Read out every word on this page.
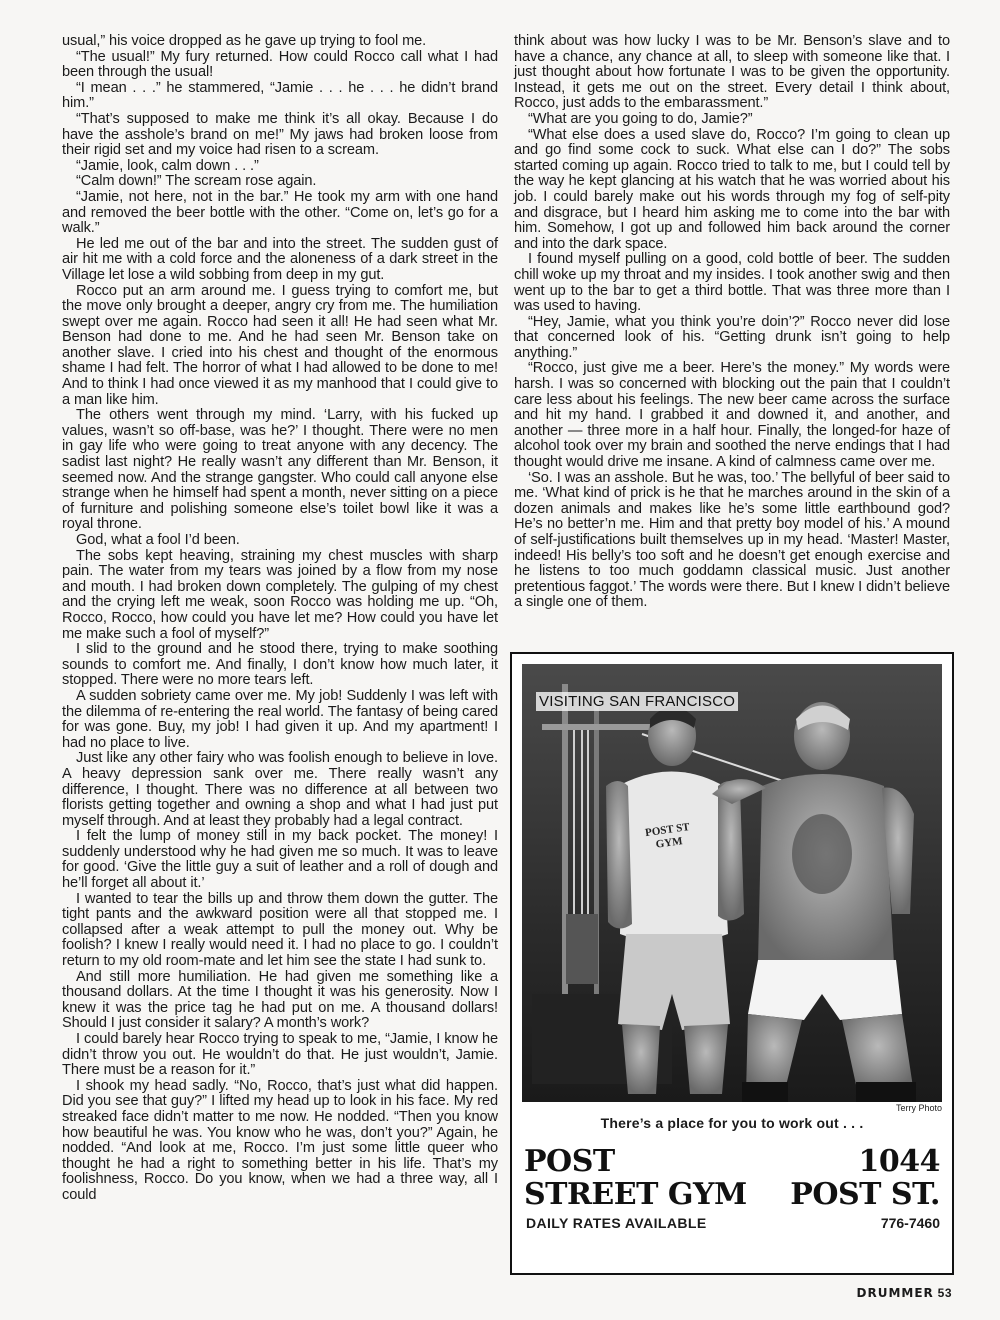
usual,” his voice dropped as he gave up trying to fool me.

“The usual!” My fury returned. How could Rocco call what I had been through the usual!

“I mean . . .” he stammered, “Jamie . . . he . . . he didn’t brand him.”

“That’s supposed to make me think it’s all okay. Because I do have the asshole’s brand on me!” My jaws had broken loose from their rigid set and my voice had risen to a scream.

“Jamie, look, calm down . . .”

“Calm down!” The scream rose again.

“Jamie, not here, not in the bar.” He took my arm with one hand and removed the beer bottle with the other. “Come on, let’s go for a walk.”

He led me out of the bar and into the street. The sudden gust of air hit me with a cold force and the aloneness of a dark street in the Village let lose a wild sobbing from deep in my gut.

Rocco put an arm around me. I guess trying to comfort me, but the move only brought a deeper, angry cry from me. The humiliation swept over me again. Rocco had seen it all! He had seen what Mr. Benson had done to me. And he had seen Mr. Benson take on another slave. I cried into his chest and thought of the enormous shame I had felt. The horror of what I had allowed to be done to me! And to think I had once viewed it as my manhood that I could give to a man like him.

The others went through my mind. ‘Larry, with his fucked up values, wasn’t so off-base, was he?’ I thought. There were no men in gay life who were going to treat anyone with any decency. The sadist last night? He really wasn’t any different than Mr. Benson, it seemed now. And the strange gangster. Who could call anyone else strange when he himself had spent a month, never sitting on a piece of furniture and polishing someone else’s toilet bowl like it was a royal throne.

God, what a fool I’d been.

The sobs kept heaving, straining my chest muscles with sharp pain. The water from my tears was joined by a flow from my nose and mouth. I had broken down completely. The gulping of my chest and the crying left me weak, soon Rocco was holding me up. “Oh, Rocco, Rocco, how could you have let me? How could you have let me make such a fool of myself?”

I slid to the ground and he stood there, trying to make soothing sounds to comfort me. And finally, I don’t know how much later, it stopped. There were no more tears left.

A sudden sobriety came over me. My job! Suddenly I was left with the dilemma of re-entering the real world. The fantasy of being cared for was gone. Buy, my job! I had given it up. And my apartment! I had no place to live.

Just like any other fairy who was foolish enough to believe in love. A heavy depression sank over me. There really wasn’t any difference, I thought. There was no difference at all between two florists getting together and owning a shop and what I had just put myself through. And at least they probably had a legal contract.

I felt the lump of money still in my back pocket. The money! I suddenly understood why he had given me so much. It was to leave for good. ‘Give the little guy a suit of leather and a roll of dough and he’ll forget all about it.’

I wanted to tear the bills up and throw them down the gutter. The tight pants and the awkward position were all that stopped me. I collapsed after a weak attempt to pull the money out. Why be foolish? I knew I really would need it. I had no place to go. I couldn’t return to my old room-mate and let him see the state I had sunk to.

And still more humiliation. He had given me something like a thousand dollars. At the time I thought it was his generosity. Now I knew it was the price tag he had put on me. A thousand dollars! Should I just consider it salary? A month’s work?

I could barely hear Rocco trying to speak to me, “Jamie, I know he didn’t throw you out. He wouldn’t do that. He just wouldn’t, Jamie. There must be a reason for it.”

I shook my head sadly. “No, Rocco, that’s just what did happen. Did you see that guy?” I lifted my head up to look in his face. My red streaked face didn’t matter to me now. He nodded. “Then you know how beautiful he was. You know who he was, don’t you?” Again, he nodded. “And look at me, Rocco. I’m just some little queer who thought he had a right to something better in his life. That’s my foolishness, Rocco. Do you know, when we had a three way, all I could

think about was how lucky I was to be Mr. Benson’s slave and to have a chance, any chance at all, to sleep with someone like that. I just thought about how fortunate I was to be given the opportunity. Instead, it gets me out on the street. Every detail I think about, Rocco, just adds to the embarassment.”

“What are you going to do, Jamie?”

“What else does a used slave do, Rocco? I’m going to clean up and go find some cock to suck. What else can I do?” The sobs started coming up again. Rocco tried to talk to me, but I could tell by the way he kept glancing at his watch that he was worried about his job. I could barely make out his words through my fog of self-pity and disgrace, but I heard him asking me to come into the bar with him. Somehow, I got up and followed him back around the corner and into the dark space.

I found myself pulling on a good, cold bottle of beer. The sudden chill woke up my throat and my insides. I took another swig and then went up to the bar to get a third bottle. That was three more than I was used to having.

“Hey, Jamie, what you think you’re doin’?” Rocco never did lose that concerned look of his. “Getting drunk isn’t going to help anything.”

“Rocco, just give me a beer. Here’s the money.” My words were harsh. I was so concerned with blocking out the pain that I couldn’t care less about his feelings. The new beer came across the surface and hit my hand. I grabbed it and downed it, and another, and another — three more in a half hour. Finally, the longed-for haze of alcohol took over my brain and soothed the nerve endings that I had thought would drive me insane. A kind of calmness came over me.

‘So. I was an asshole. But he was, too.’ The bellyful of beer said to me. ‘What kind of prick is he that he marches around in the skin of a dozen animals and makes like he’s some little earthbound god? He’s no better’n me. Him and that pretty boy model of his.’ A mound of self-justifications built themselves up in my head. ‘Master! Master, indeed! His belly’s too soft and he doesn’t get enough exercise and he listens to too much goddamn classical music. Just another pretentious faggot.’ The words were there. But I knew I didn’t believe a single one of them.

VISITING SAN FRANCISCO
POST ST
GYM
Terry Photo
There’s a place for you to work out . . .
POST
STREET GYM
1044
POST ST.
DAILY RATES AVAILABLE	776-7460
DRUMMER 53
